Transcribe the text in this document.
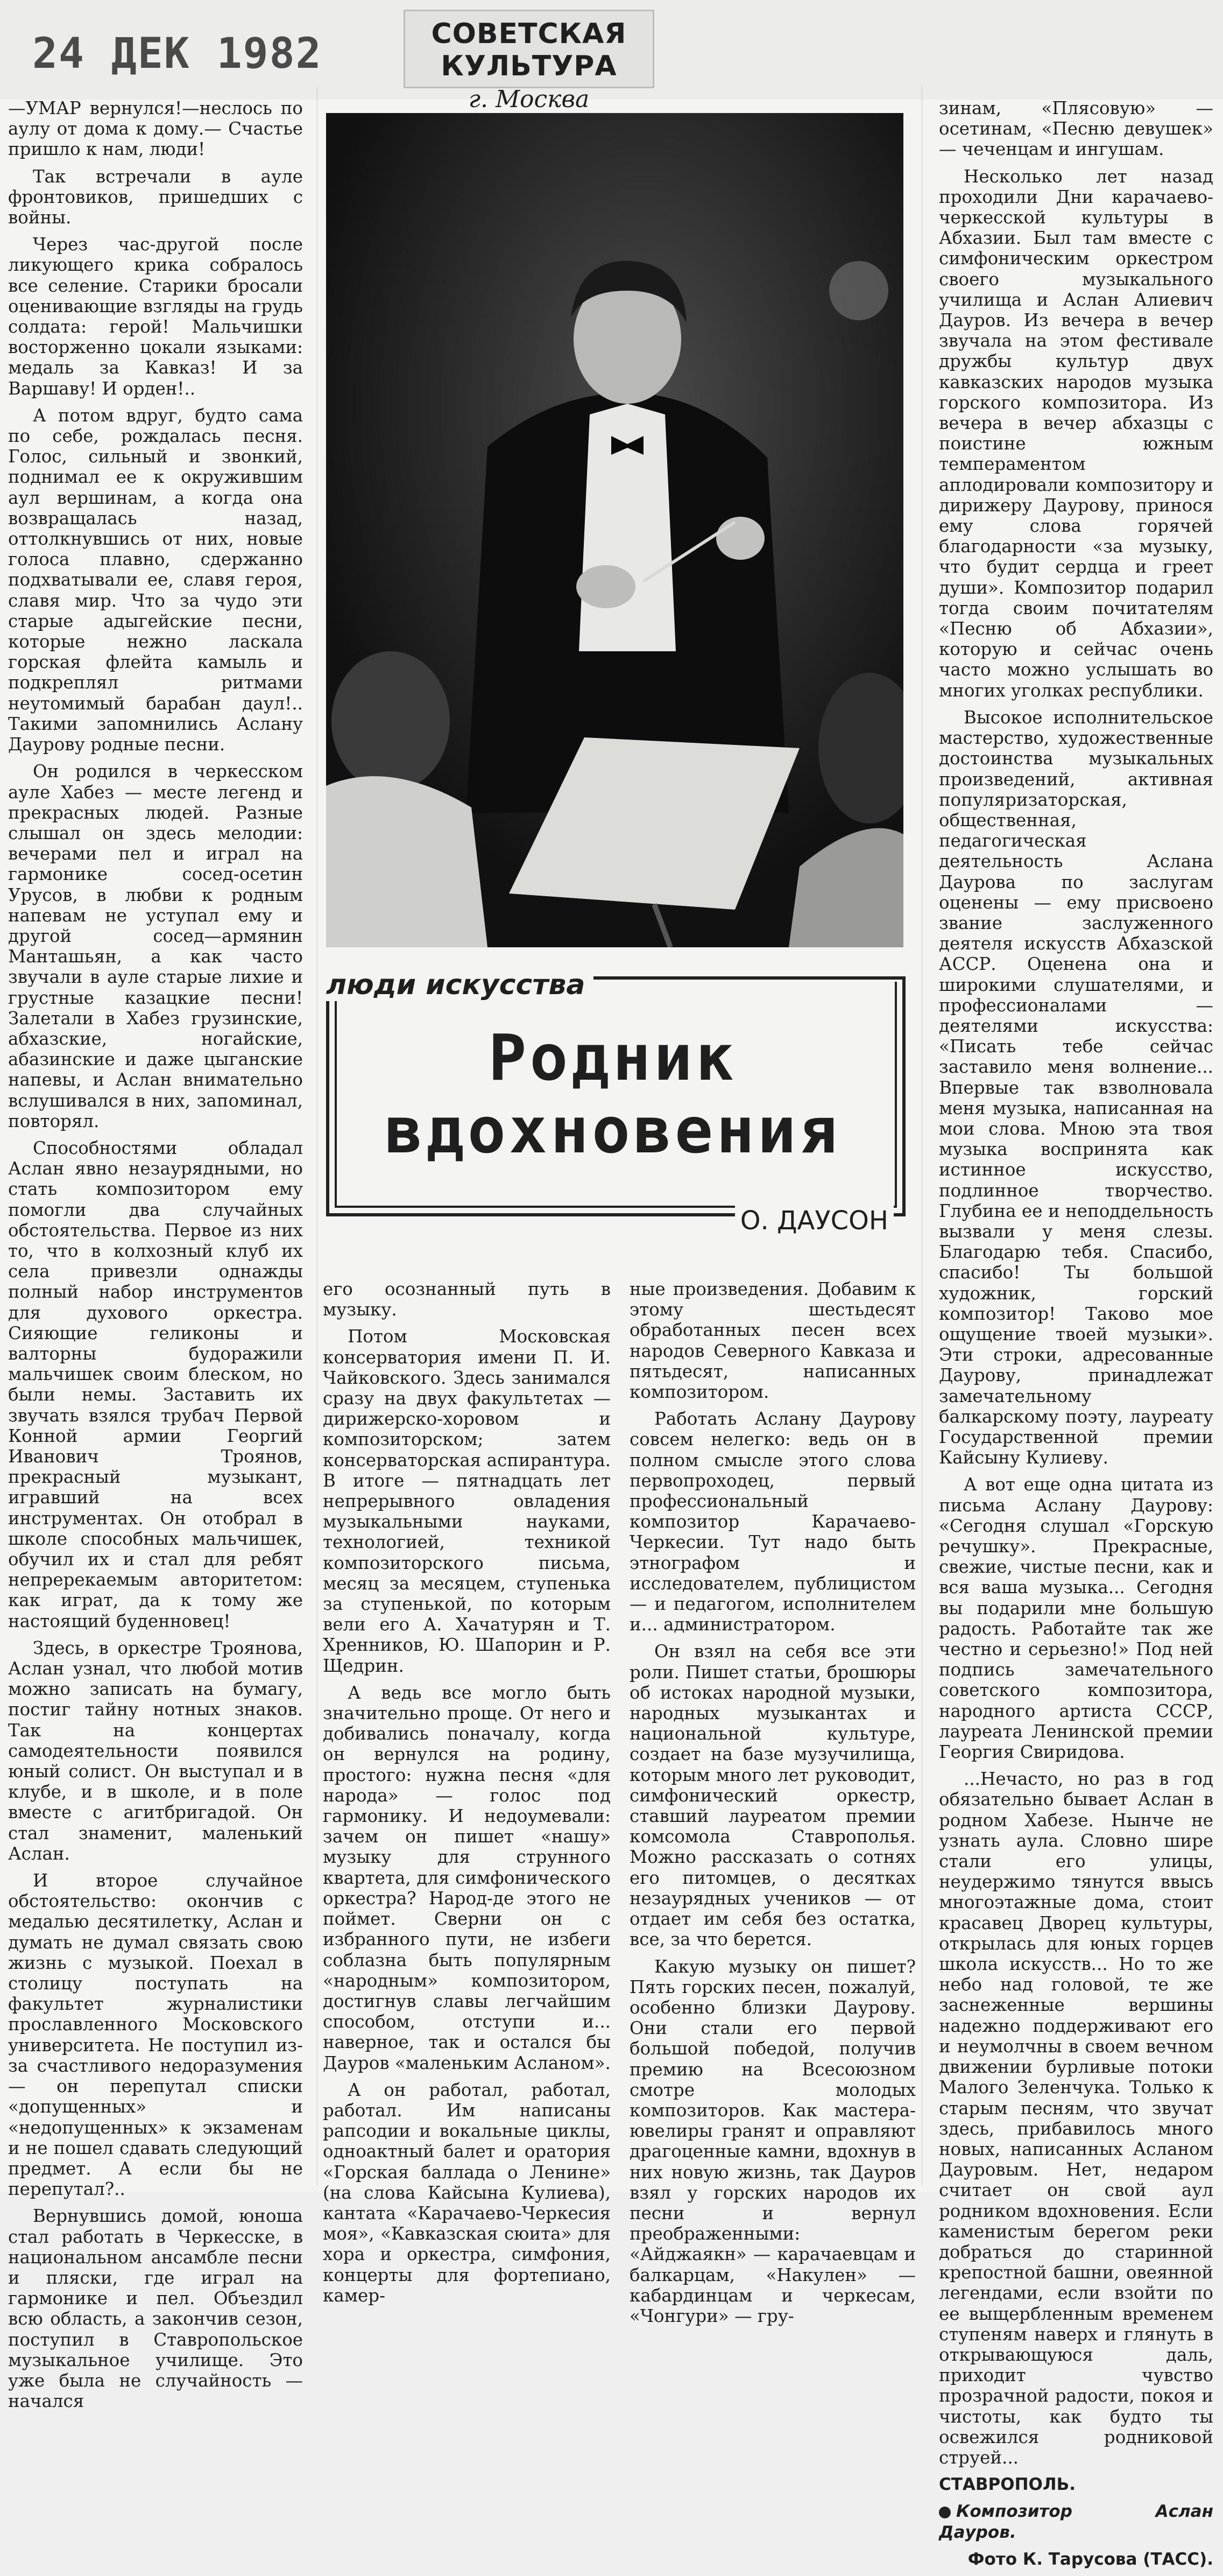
24 ДЕК 1982	СОВЕТСКАЯ КУЛЬТУРА
г. Москва

—УМАР вернулся!—неслось по аулу от дома к дому.— Счастье пришло к нам, люди!

Так встречали в ауле фронтовиков, пришедших с войны.

Через час-другой после ликующего крика собралось все селение. Старики бросали оценивающие взгляды на грудь солдата: герой! Мальчишки восторженно цокали языками: медаль за Кавказ! И за Варшаву! И орден!..

А потом вдруг, будто сама по себе, рождалась песня. Голос, сильный и звонкий, поднимал ее к окружившим аул вершинам, а когда она возвращалась назад, оттолкнувшись от них, новые голоса плавно, сдержанно подхватывали ее, славя героя, славя мир. Что за чудо эти старые адыгейские песни, которые нежно ласкала горская флейта камыль и подкреплял ритмами неутомимый барабан даул!.. Такими запомнились Аслану Даурову родные песни.

Он родился в черкесском ауле Хабез — месте легенд и прекрасных людей. Разные слышал он здесь мелодии: вечерами пел и играл на гармонике сосед-осетин Урусов, в любви к родным напевам не уступал ему и другой сосед—армянин Манташьян, а как часто звучали в ауле старые лихие и грустные казацкие песни! Залетали в Хабез грузинские, абхазские, ногайские, абазинские и даже цыганские напевы, и Аслан внимательно вслушивался в них, запоминал, повторял.

Способностями обладал Аслан явно незаурядными, но стать композитором ему помогли два случайных обстоятельства. Первое из них то, что в колхозный клуб их села привезли однажды полный набор инструментов для духового оркестра. Сияющие геликоны и валторны будоражили мальчишек своим блеском, но были немы. Заставить их звучать взялся трубач Первой Конной армии Георгий Иванович Троянов, прекрасный музыкант, игравший на всех инструментах. Он отобрал в школе способных мальчишек, обучил их и стал для ребят непререкаемым авторитетом: как играт, да к тому же настоящий буденновец!

Здесь, в оркестре Троянова, Аслан узнал, что любой мотив можно записать на бумагу, постиг тайну нотных знаков. Так на концертах самодеятельности появился юный солист. Он выступал и в клубе, и в школе, и в поле вместе с агитбригадой. Он стал знаменит, маленький Аслан.

И второе случайное обстоятельство: окончив с медалью десятилетку, Аслан и думать не думал связать свою жизнь с музыкой. Поехал в столицу поступать на факультет журналистики прославленного Московского университета. Не поступил из-за счастливого недоразумения — он перепутал списки «допущенных» и «недопущенных» к экзаменам и не пошел сдавать следующий предмет. А если бы не перепутал?..

Вернувшись домой, юноша стал работать в Черкесске, в национальном ансамбле песни и пляски, где играл на гармонике и пел. Объездил всю область, а закончив сезон, поступил в Ставропольское музыкальное училище. Это уже была не случайность — начался

люди искусства
Родник
вдохновения
О. ДАУСОН

его осознанный путь в музыку.

Потом Московская консерватория имени П. И. Чайковского. Здесь занимался сразу на двух факультетах — дирижерско-хоровом и композиторском; затем консерваторская аспирантура. В итоге — пятнадцать лет непрерывного овладения музыкальными науками, технологией, техникой композиторского письма, месяц за месяцем, ступенька за ступенькой, по которым вели его А. Хачатурян и Т. Хренников, Ю. Шапорин и Р. Щедрин.

А ведь все могло быть значительно проще. От него и добивались поначалу, когда он вернулся на родину, простого: нужна песня «для народа» — голос под гармонику. И недоумевали: зачем он пишет «нашу» музыку для струнного квартета, для симфонического оркестра? Народ-де этого не поймет. Сверни он с избранного пути, не избеги соблазна быть популярным «народным» композитором, достигнув славы легчайшим способом, отступи и... наверное, так и остался бы Дауров «маленьким Асланом».

А он работал, работал, работал. Им написаны рапсодии и вокальные циклы, одноактный балет и оратория «Горская баллада о Ленине» (на слова Кайсына Кулиева), кантата «Карачаево-Черкесия моя», «Кавказская сюита» для хора и оркестра, симфония, концерты для фортепиано, камер-

ные произведения. Добавим к этому шестьдесят обработанных песен всех народов Северного Кавказа и пятьдесят, написанных композитором.

Работать Аслану Даурову совсем нелегко: ведь он в полном смысле этого слова первопроходец, первый профессиональный композитор Карачаево-Черкесии. Тут надо быть этнографом и исследователем, публицистом — и педагогом, исполнителем и... администратором.

Он взял на себя все эти роли. Пишет статьи, брошюры об истоках народной музыки, народных музыкантах и национальной культуре, создает на базе музучилища, которым много лет руководит, симфонический оркестр, ставший лауреатом премии комсомола Ставрополья. Можно рассказать о сотнях его питомцев, о десятках незаурядных учеников — от отдает им себя без остатка, все, за что берется.

Какую музыку он пишет? Пять горских песен, пожалуй, особенно близки Даурову. Они стали его первой большой победой, получив премию на Всесоюзном смотре молодых композиторов. Как мастера-ювелиры гранят и оправляют драгоценные камни, вдохнув в них новую жизнь, так Дауров взял у горских народов их песни и вернул преображенными: «Айджаякн» — карачаевцам и балкарцам, «Накулен» — кабардинцам и черкесам, «Чонгури» — гру-

зинам, «Плясовую» — осетинам, «Песню девушек» — чеченцам и ингушам.

Несколько лет назад проходили Дни карачаево-черкесской культуры в Абхазии. Был там вместе с симфоническим оркестром своего музыкального училища и Аслан Алиевич Дауров. Из вечера в вечер звучала на этом фестивале дружбы культур двух кавказских народов музыка горского композитора. Из вечера в вечер абхазцы с поистине южным темпераментом аплодировали композитору и дирижеру Даурову, принося ему слова горячей благодарности «за музыку, что будит сердца и греет души». Композитор подарил тогда своим почитателям «Песню об Абхазии», которую и сейчас очень часто можно услышать во многих уголках республики.

Высокое исполнительское мастерство, художественные достоинства музыкальных произведений, активная популяризаторская, общественная, педагогическая деятельность Аслана Даурова по заслугам оценены — ему присвоено звание заслуженного деятеля искусств Абхазской АССР. Оценена она и широкими слушателями, и профессионалами — деятелями искусства: «Писать тебе сейчас заставило меня волнение... Впервые так взволновала меня музыка, написанная на мои слова. Мною эта твоя музыка воспринята как истинное искусство, подлинное творчество. Глубина ее и неподдельность вызвали у меня слезы. Благодарю тебя. Спасибо, спасибо! Ты большой художник, горский композитор! Таково мое ощущение твоей музыки». Эти строки, адресованные Даурову, принадлежат замечательному балкарскому поэту, лауреату Государственной премии Кайсыну Кулиеву.

А вот еще одна цитата из письма Аслану Даурову: «Сегодня слушал «Горскую речушку». Прекрасные, свежие, чистые песни, как и вся ваша музыка... Сегодня вы подарили мне большую радость. Работайте так же честно и серьезно!» Под ней подпись замечательного советского композитора, народного артиста СССР, лауреата Ленинской премии Георгия Свиридова.

...Нечасто, но раз в год обязательно бывает Аслан в родном Хабезе. Нынче не узнать аула. Словно шире стали его улицы, неудержимо тянутся ввысь многоэтажные дома, стоит красавец Дворец культуры, открылась для юных горцев школа искусств... Но то же небо над головой, те же заснеженные вершины надежно поддерживают его и неумолчны в своем вечном движении бурливые потоки Малого Зеленчука. Только к старым песням, что звучат здесь, прибавилось много новых, написанных Асланом Дауровым. Нет, недаром считает он свой аул родником вдохновения. Если каменистым берегом реки добраться до старинной крепостной башни, овеянной легендами, если взойти по ее выщербленным временем ступеням наверх и глянуть в открывающуюся даль, приходит чувство прозрачной радости, покоя и чистоты, как будто ты освежился родниковой струей...

СТАВРОПОЛЬ.

Композитор Аслан Дауров.

Фото К. Тарусова (ТАСС).
